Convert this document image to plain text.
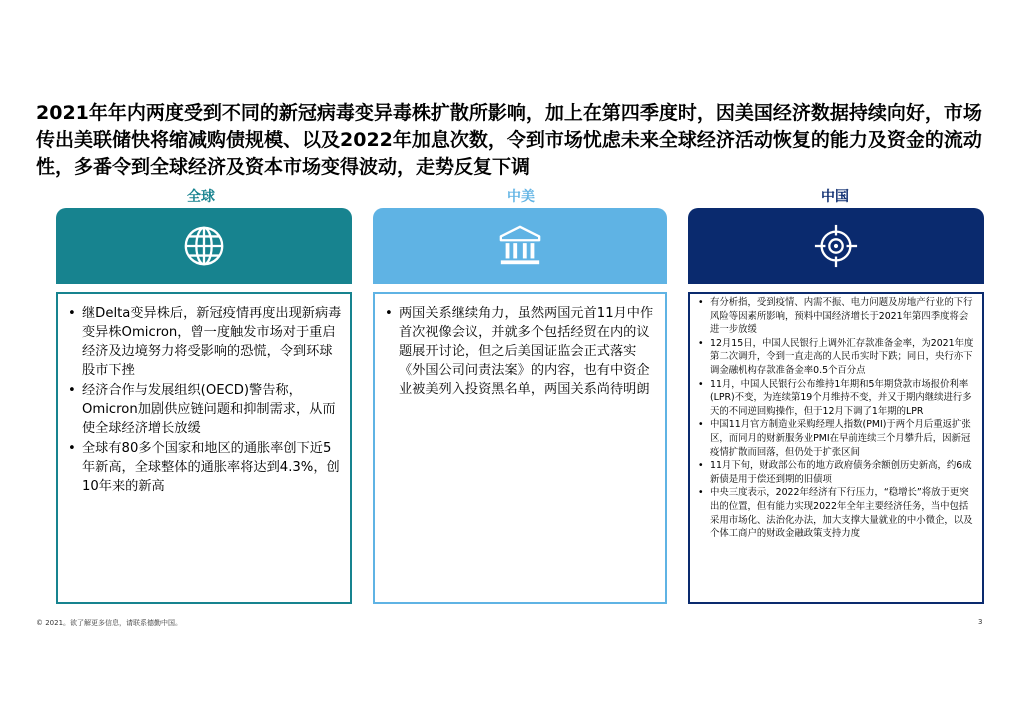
2021年年内两度受到不同的新冠病毒变异毒株扩散所影响，加上在第四季度时，因美国经济数据持续向好，市场传出美联储快将缩减购债规模、以及2022年加息次数，令到市场忧虑未来全球经济活动恢复的能力及资金的流动性，多番令到全球经济及资本市场变得波动，走势反复下调
全球
• 继Delta变异株后，新冠疫情再度出现新病毒变异株Omicron，曾一度触发市场对于重启经济及边境努力将受影响的恐慌，令到环球股市下挫
• 经济合作与发展组织(OECD)警告称，Omicron加剧供应链问题和抑制需求，从而使全球经济增长放缓
• 全球有80多个国家和地区的通胀率创下近5年新高，全球整体的通胀率将达到4.3%，创10年来的新高
中美
• 两国关系继续角力，虽然两国元首11月中作首次视像会议，并就多个包括经贸在内的议题展开讨论，但之后美国证监会正式落实《外国公司问责法案》的内容，也有中资企业被美列入投资黑名单，两国关系尚待明朗
中国
• 有分析指，受到疫情、内需不振、电力问题及房地产行业的下行风险等因素所影响，预料中国经济增长于2021年第四季度将会进一步放缓
• 12月15日，中国人民银行上调外汇存款准备金率，为2021年度第二次调升，令到一直走高的人民币实时下跌；同日，央行亦下调金融机构存款准备金率0.5个百分点
• 11月，中国人民银行公布维持1年期和5年期贷款市场报价利率(LPR)不变，为连续第19个月维持不变，并又于期内继续进行多天的不同逆回购操作，但于12月下调了1年期的LPR
• 中国11月官方制造业采购经理人指数(PMI)于两个月后重返扩张区，而同月的财新服务业PMI在早前连续三个月攀升后，因新冠疫情扩散而回落，但仍处于扩张区间
• 11月下旬，财政部公布的地方政府债务余额创历史新高，约6成新债是用于偿还到期的旧债项
• 中央三度表示，2022年经济有下行压力，“稳增长”将放于更突出的位置，但有能力实现2022年全年主要经济任务，当中包括采用市场化、法治化办法，加大支撑大量就业的中小微企，以及个体工商户的财政金融政策支持力度
© 2021。欲了解更多信息，请联系德勤中国。	3
